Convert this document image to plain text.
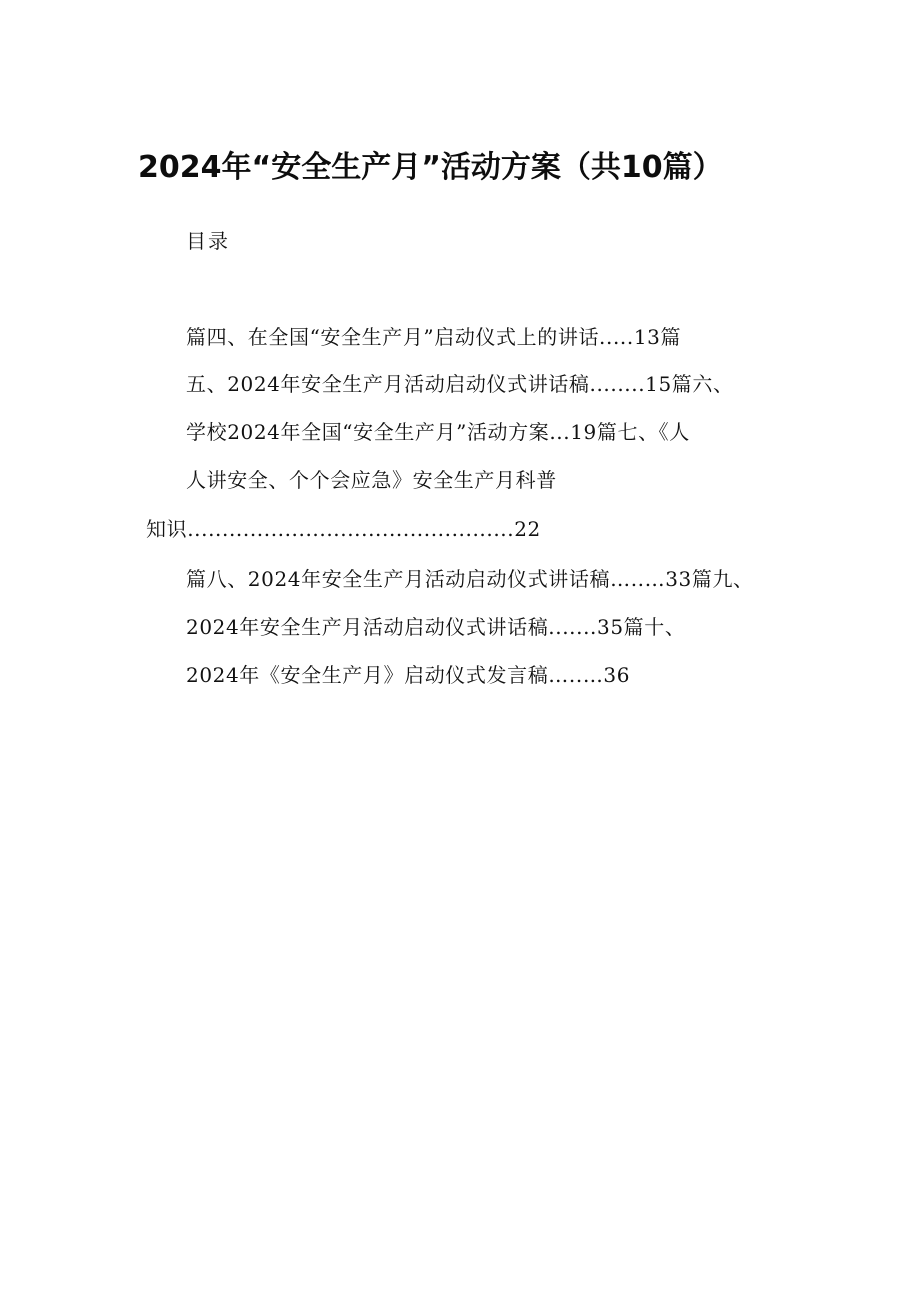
2024年“安全生产月”活动方案（共10篇）
目录
篇四、在全国“安全生产月”启动仪式上的讲话.....13篇
五、2024年安全生产月活动启动仪式讲话稿........15篇六、
学校2024年全国“安全生产月”活动方案...19篇七、《人
人讲安全、个个会应急》安全生产月科普
知识...............................................22
篇八、2024年安全生产月活动启动仪式讲话稿…..…33篇九、
2024年安全生产月活动启动仪式讲话稿.......35篇十、
2024年《安全生产月》启动仪式发言稿…..…36
